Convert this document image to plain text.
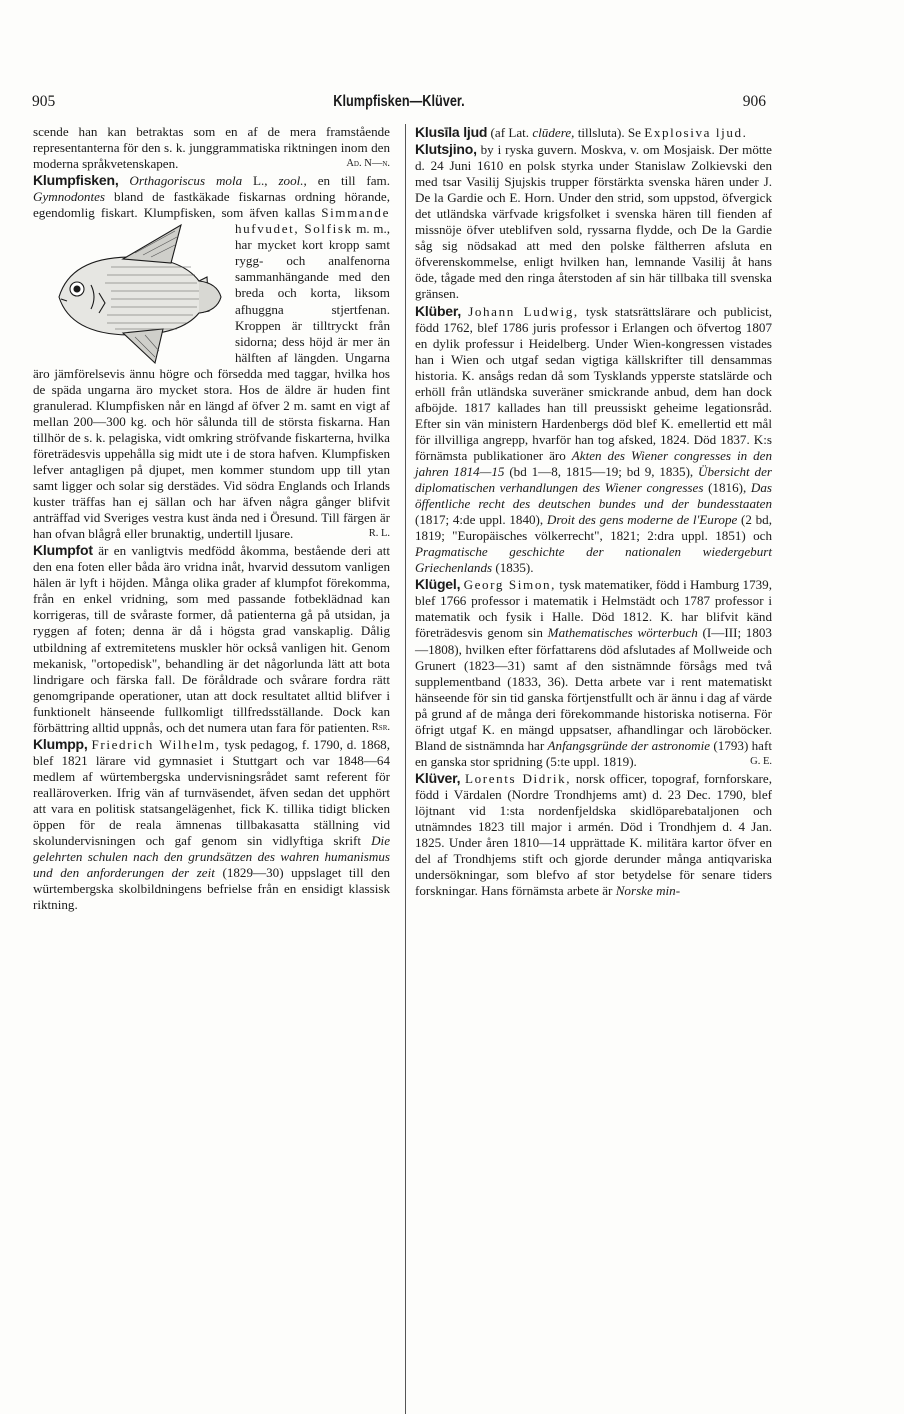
905	Klumpfisken—Klüver.	906

scende han kan betraktas som en af de mera framstående representanterna för den s. k. junggrammatiska riktningen inom den moderna språkvetenskapen.	Ad. N—n.

Klumpfisken, Orthagoriscus mola L., zool., en till fam. Gymnodontes bland de fastkäkade fiskarnas ordning hörande, egendomlig fiskart. Klumpfisken, som äfven kallas Simmande hufvudet, Solfisk
m. m., har mycket kort kropp samt rygg- och analfenorna sammanhängande med den breda och korta, liksom afhuggna stjertfenan. Kroppen är tilltryckt från sidorna; dess höjd är mer än hälften af längden. Ungarna äro jämförelsevis ännu högre och försedda med taggar, hvilka hos de späda ungarna äro mycket stora. Hos de äldre är huden fint granulerad. Klumpfisken når en längd af öfver 2 m. samt en vigt af mellan 200—300 kg. och hör sålunda till de största fiskarna. Han tillhör de s. k. pelagiska, vidt omkring ströfvande fiskarterna, hvilka företrädesvis uppehålla sig midt ute i de stora hafven. Klumpfisken lefver antagligen på djupet, men kommer stundom upp till ytan samt ligger och solar sig derstädes. Vid södra Englands och Irlands kuster träffas han ej sällan och har äfven några gånger blifvit anträffad vid Sveriges vestra kust ända ned i Öresund. Till färgen är han ofvan blågrå eller brunaktig, undertill ljusare.	R. L.

Klumpfot är en vanligtvis medfödd åkomma, bestående deri att den ena foten eller båda äro vridna inåt, hvarvid dessutom vanligen hälen är lyft i höjden. Många olika grader af klumpfot förekomma, från en enkel vridning, som med passande fotbeklädnad kan korrigeras, till de svåraste former, då patienterna gå på utsidan, ja ryggen af foten; denna är då i högsta grad vanskaplig. Dålig utbildning af extremitetens muskler hör också vanligen hit. Genom mekanisk, "ortopedisk", behandling är det någorlunda lätt att bota lindrigare och färska fall. De föråldrade och svårare fordra rätt genomgripande operationer, utan att dock resultatet alltid blifver i funktionelt hänseende fullkomligt tillfredsställande. Dock kan förbättring alltid uppnås, och det numera utan fara för patienten. Rsr.

Klumpp, Friedrich Wilhelm, tysk pedagog, f. 1790, d. 1868, blef 1821 lärare vid gymnasiet i Stuttgart och var 1848—64 medlem af würtembergska undervisningsrådet samt referent för realläroverken. Ifrig vän af turnväsendet, äfven sedan det upphört att vara en politisk statsangelägenhet, fick K. tillika tidigt blicken öppen för de reala ämnenas tillbakasatta ställning vid skolundervisningen och gaf genom sin vidlyftiga skrift Die gelehrten schulen nach den grundsätzen des wahren humanismus und den anforderungen der zeit (1829—30) uppslaget till den würtembergska skolbildningens befrielse från en ensidigt klassisk riktning.

Klusīla ljud (af Lat. clūdere, tillsluta). Se Explosiva ljud.

Klutsjino, by i ryska guvern. Moskva, v. om Mosjaisk. Der mötte d. 24 Juni 1610 en polsk styrka under Stanislaw Zolkievski den med tsar Vasilij Sjujskis trupper förstärkta svenska hären under J. De la Gardie och E. Horn. Under den strid, som uppstod, öfvergick det utländska värfvade krigsfolket i svenska hären till fienden af missnöje öfver uteblifven sold, ryssarna flydde, och De la Gardie såg sig nödsakad att med den polske fältherren afsluta en öfverenskommelse, enligt hvilken han, lemnande Vasilij åt hans öde, tågade med den ringa återstoden af sin här tillbaka till svenska gränsen.

Klüber, Johann Ludwig, tysk statsrättslärare och publicist, född 1762, blef 1786 juris professor i Erlangen och öfvertog 1807 en dylik professur i Heidelberg. Under Wien-kongressen vistades han i Wien och utgaf sedan vigtiga källskrifter till densammas historia. K. ansågs redan då som Tysklands ypperste statslärde och erhöll från utländska suveräner smickrande anbud, dem han dock afböjde. 1817 kallades han till preussiskt geheime legationsråd. Efter sin vän ministern Hardenbergs död blef K. emellertid ett mål för illvilliga angrepp, hvarför han tog afsked, 1824. Död 1837. K:s förnämsta publikationer äro Akten des Wiener congresses in den jahren 1814—15 (bd 1—8, 1815—19; bd 9, 1835), Übersicht der diplomatischen verhandlungen des Wiener congresses (1816), Das öffentliche recht des deutschen bundes und der bundesstaaten (1817; 4:de uppl. 1840), Droit des gens moderne de l'Europe (2 bd, 1819; "Europäisches völkerrecht", 1821; 2:dra uppl. 1851) och Pragmatische geschichte der nationalen wiedergeburt Griechenlands (1835).

Klügel, Georg Simon, tysk matematiker, född i Hamburg 1739, blef 1766 professor i matematik i Helmstädt och 1787 professor i matematik och fysik i Halle. Död 1812. K. har blifvit känd företrädesvis genom sin Mathematisches wörterbuch (I—III; 1803—1808), hvilken efter författarens död afslutades af Mollweide och Grunert (1823—31) samt af den sistnämnde försågs med två supplementband (1833, 36). Detta arbete var i rent matematiskt hänseende för sin tid ganska förtjenstfullt och är ännu i dag af värde på grund af de många deri förekommande historiska notiserna. För öfrigt utgaf K. en mängd uppsatser, afhandlingar och läroböcker. Bland de sistnämnda har Anfangsgründe der astronomie (1793) haft en ganska stor spridning (5:te uppl. 1819).	G. E.

Klüver, Lorents Didrik, norsk officer, topograf, fornforskare, född i Värdalen (Nordre Trondhjems amt) d. 23 Dec. 1790, blef löjtnant vid 1:sta nordenfjeldska skidlöparebataljonen och utnämndes 1823 till major i armén. Död i Trondhjem d. 4 Jan. 1825. Under åren 1810—14 upprättade K. militära kartor öfver en del af Trondhjems stift och gjorde derunder många antiqvariska undersökningar, som blefvo af stor betydelse för senare tiders forskningar. Hans förnämsta arbete är Norske min-
